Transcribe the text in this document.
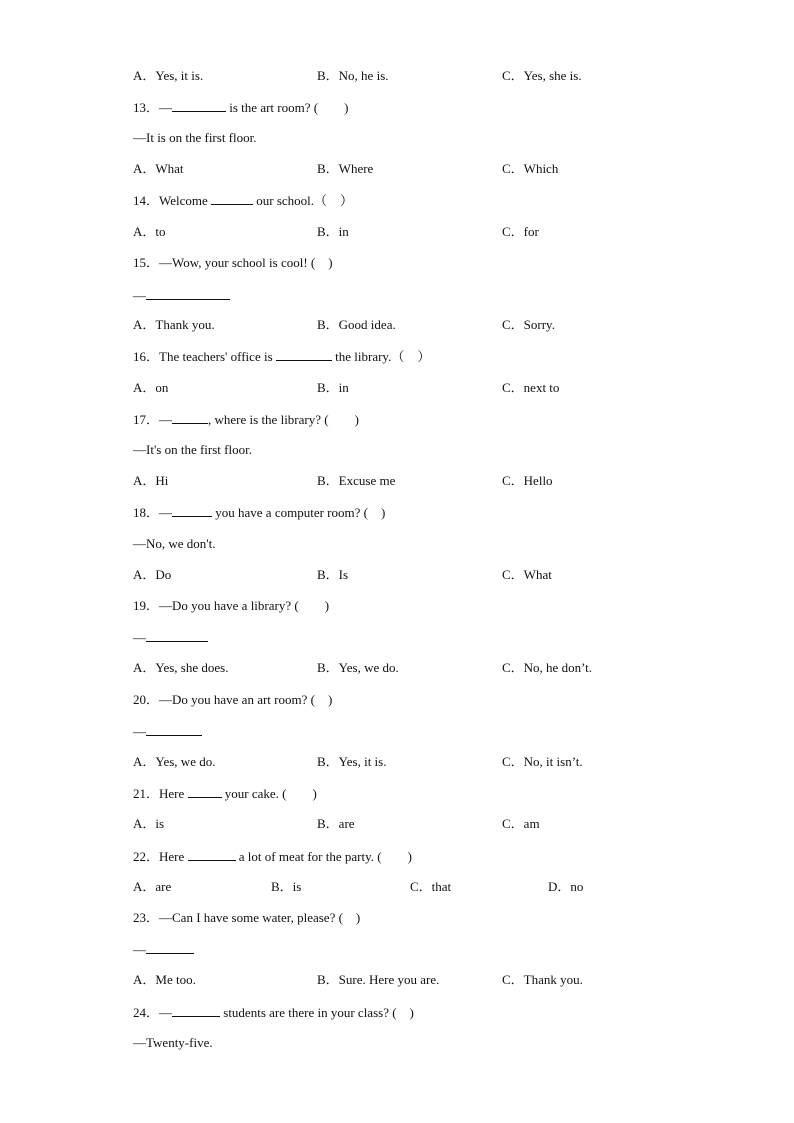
A．Yes, it is.	B．No, he is.	C．Yes, she is.
13．—	is the art room? (　　)
—It is on the first floor.
A．What	B．Where	C．Which
14．Welcome	our school.（　）
A．to	B．in	C．for
15．—Wow, your school is cool! (　)
—
A．Thank you.	B．Good idea.	C．Sorry.
16．The teachers' office is	the library.（　）
A．on	B．in	C．next to
17．—	, where is the library? (　　)
—It's on the first floor.
A．Hi	B．Excuse me	C．Hello
18．—	you have a computer room? (　)
—No, we don't.
A．Do	B．Is	C．What
19．—Do you have a library? (　　)
—
A．Yes, she does.	B．Yes, we do.	C．No, he don’t.
20．—Do you have an art room? (　)
—
A．Yes, we do.	B．Yes, it is.	C．No, it isn’t.
21．Here	your cake. (　　)
A．is	B．are	C．am
22．Here	a lot of meat for the party. (　　)
A．are	B．is	C．that	D．no
23．—Can I have some water, please? (　)
—
A．Me too.	B．Sure. Here you are.	C．Thank you.
24．—	students are there in your class? (　)
—Twenty-five.
